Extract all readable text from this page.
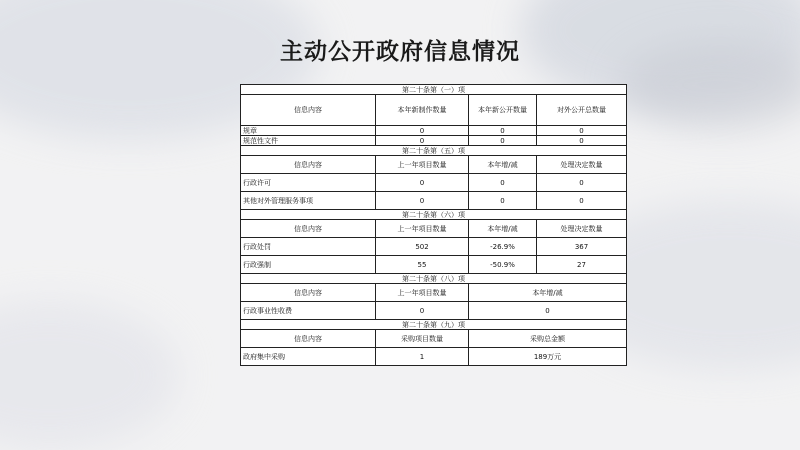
主动公开政府信息情况
第二十条第（一）项			
信息内容	本年新制作数量	本年新公开数量	对外公开总数量
规章	0	0	0
规范性文件	0	0	0
第二十条第（五）项			
信息内容	上一年项目数量	本年增/减	处理决定数量
行政许可	0	0	0
其他对外管理服务事项	0	0	0
第二十条第（六）项			
信息内容	上一年项目数量	本年增/减	处理决定数量
行政处罚	502	-26.9%	367
行政强制	55	-50.9%	27
第二十条第（八）项			
信息内容	上一年项目数量	本年增/减	
行政事业性收费	0	0	
第二十条第（九）项			
信息内容	采购项目数量	采购总金额	
政府集中采购	1	189万元	
